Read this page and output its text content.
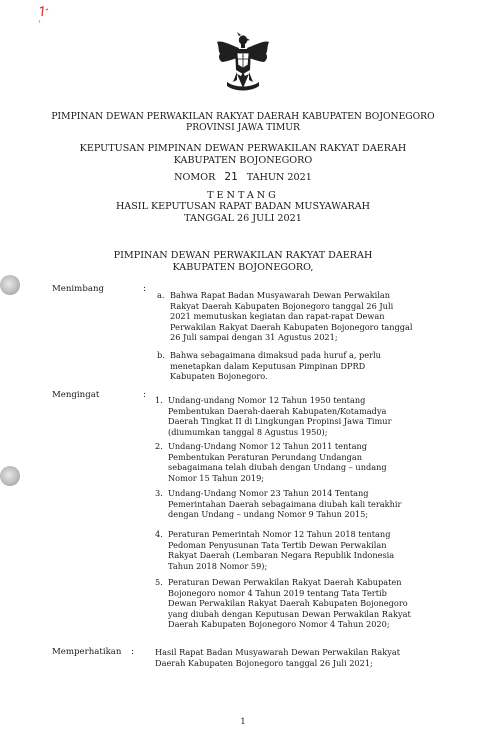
PIMPINAN DEWAN PERWAKILAN RAKYAT DAERAH KABUPATEN BOJONEGORO
PROVINSI JAWA TIMUR
KEPUTUSAN PIMPINAN DEWAN PERWAKILAN RAKYAT DAERAH
KABUPATEN BOJONEGORO
NOMOR 21 TAHUN 2021
TENTANG
HASIL KEPUTUSAN RAPAT BADAN MUSYAWARAH
TANGGAL 26 JULI 2021
PIMPINAN DEWAN PERWAKILAN RAKYAT DAERAH
KABUPATEN BOJONEGORO,
Menimbang	:
a. Bahwa Rapat Badan Musyawarah Dewan Perwakilan
Rakyat Daerah Kabupaten Bojonegoro tanggal 26 Juli
2021 memutuskan kegiatan dan rapat-rapat Dewan
Perwakilan Rakyat Daerah Kabupaten Bojonegoro tanggal
26 Juli sampai dengan 31 Agustus 2021;
b. Bahwa sebagaimana dimaksud pada huruf a, perlu
menetapkan dalam Keputusan Pimpinan DPRD
Kabupaten Bojonegoro.
Mengingat	: 1. Undang-undang Nomor 12 Tahun 1950 tentang
Pembentukan Daerah-daerah Kabupaten/Kotamadya
Daerah Tingkat II di Lingkungan Propinsi Jawa Timur
(diumumkan tanggal 8 Agustus 1950);
2. Undang-Undang Nomor 12 Tahun 2011 tentang
Pembentukan Peraturan Perundang Undangan
sebagaimana telah diubah dengan Undang – undang
Nomor 15 Tahun 2019;
3. Undang-Undang Nomor 23 Tahun 2014 Tentang
Pemerintahan Daerah sebagaimana diubah kali terakhir
dengan Undang – undang Nomor 9 Tahun 2015;
4. Peraturan Pemerintah Nomor 12 Tahun 2018 tentang
Pedoman Penyusunan Tata Tertib Dewan Perwakilan
Rakyat Daerah (Lembaran Negara Republik Indonesia
Tahun 2018 Nomor 59);
5. Peraturan Dewan Perwakilan Rakyat Daerah Kabupaten
Bojonegoro nomor 4 Tahun 2019 tentang Tata Tertib
Dewan Perwakilan Rakyat Daerah Kabupaten Bojonegoro
yang diubah dengan Keputusan Dewan Perwakilan Rakyat
Daerah Kabupaten Bojonegoro Nomor 4 Tahun 2020;
Memperhatikan :	Hasil Rapat Badan Musyawarah Dewan Perwakilan Rakyat
Daerah Kabupaten Bojonegoro tanggal 26 Juli 2021;
1
